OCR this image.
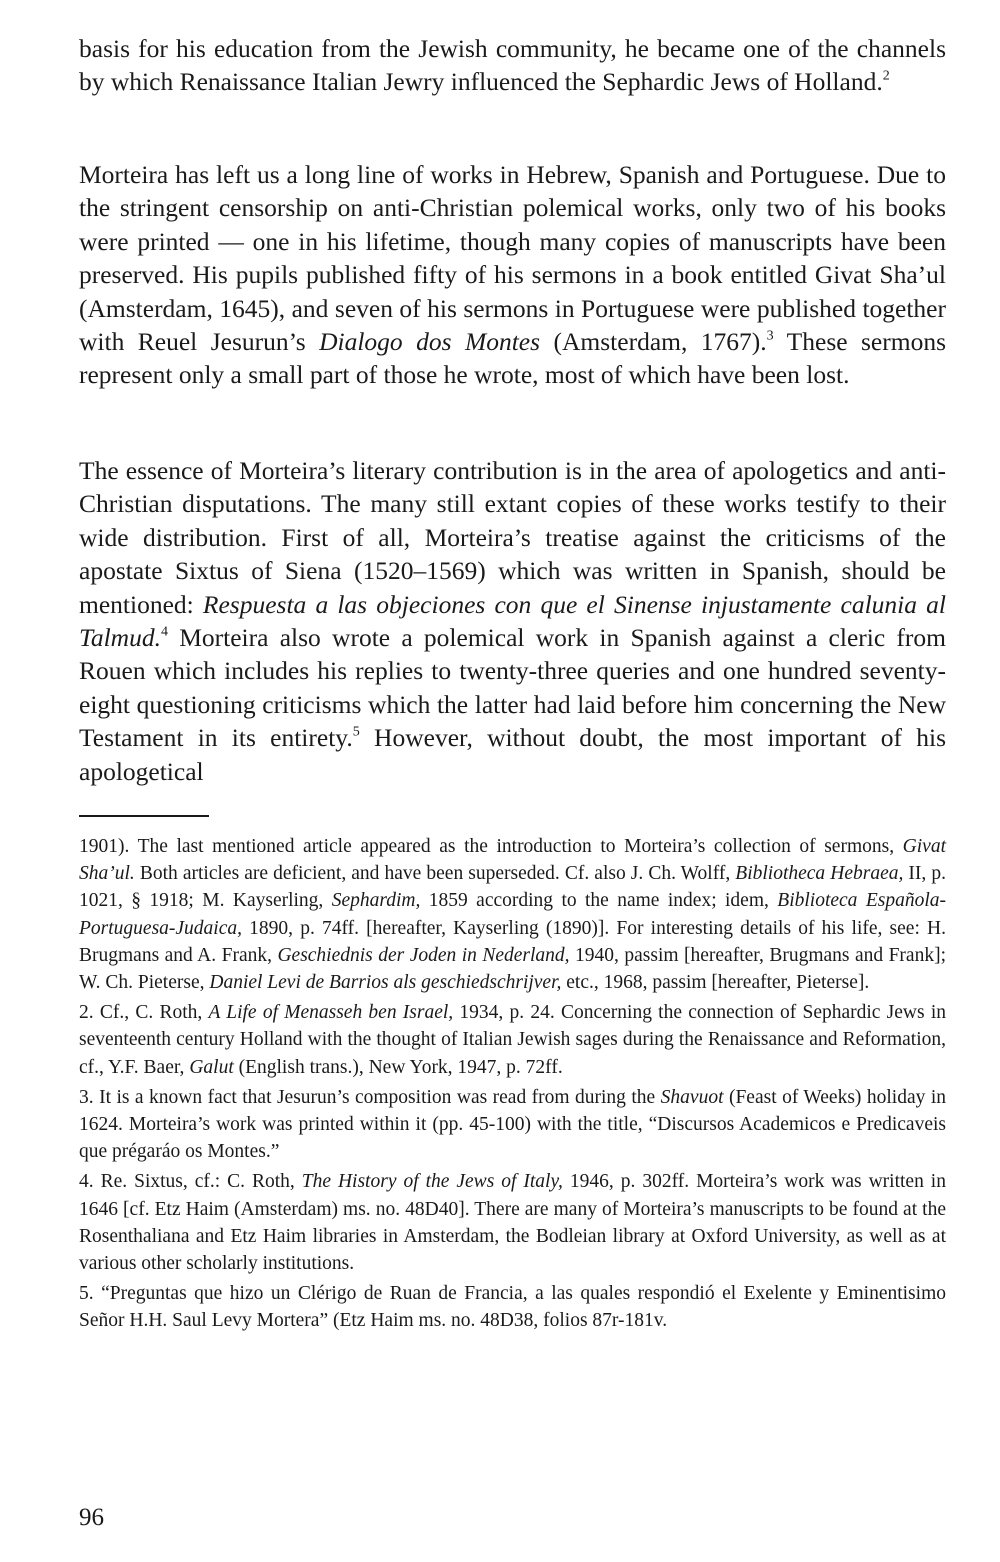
basis for his education from the Jewish community, he became one of the channels by which Renaissance Italian Jewry influenced the Sephardic Jews of Holland.$^2$

Morteira has left us a long line of works in Hebrew, Spanish and Portuguese. Due to the stringent censorship on anti-Christian polemical works, only two of his books were printed — one in his lifetime, though many copies of manuscripts have been preserved. His pupils published fifty of his sermons in a book entitled Givat Sha’ul (Amsterdam, 1645), and seven of his sermons in Portuguese were published together with Reuel Jesurun’s Dialogo dos Montes (Amsterdam, 1767).$^3$ These sermons represent only a small part of those he wrote, most of which have been lost.

The essence of Morteira’s literary contribution is in the area of apologetics and anti-Christian disputations. The many still extant copies of these works testify to their wide distribution. First of all, Morteira’s treatise against the criticisms of the apostate Sixtus of Siena (1520–1569) which was written in Spanish, should be mentioned: Respuesta a las objeciones con que el Sinense injustamente calunia al Talmud.$^4$ Morteira also wrote a polemical work in Spanish against a cleric from Rouen which includes his replies to twenty-three queries and one hundred seventy-eight questioning criticisms which the latter had laid before him concerning the New Testament in its entirety.$^5$ However, without doubt, the most important of his apologetical

1901). The last mentioned article appeared as the introduction to Morteira’s collection of sermons, Givat Sha’ul. Both articles are deficient, and have been superseded. Cf. also J. Ch. Wolff, Bibliotheca Hebraea, II, p. 1021, § 1918; M. Kayserling, Sephardim, 1859 according to the name index; idem, Biblioteca Española-Portuguesa-Judaica, 1890, p. 74ff. [hereafter, Kayserling (1890)]. For interesting details of his life, see: H. Brugmans and A. Frank, Geschiednis der Joden in Nederland, 1940, passim [hereafter, Brugmans and Frank]; W. Ch. Pieterse, Daniel Levi de Barrios als geschiedschrijver, etc., 1968, passim [hereafter, Pieterse].

2. Cf., C. Roth, A Life of Menasseh ben Israel, 1934, p. 24. Concerning the connection of Sephardic Jews in seventeenth century Holland with the thought of Italian Jewish sages during the Renaissance and Reformation, cf., Y.F. Baer, Galut (English trans.), New York, 1947, p. 72ff.

3. It is a known fact that Jesurun’s composition was read from during the Shavuot (Feast of Weeks) holiday in 1624. Morteira’s work was printed within it (pp. 45-100) with the title, “Discursos Academicos e Predicaveis que prégaráo os Montes.”

4. Re. Sixtus, cf.: C. Roth, The History of the Jews of Italy, 1946, p. 302ff. Morteira’s work was written in 1646 [cf. Etz Haim (Amsterdam) ms. no. 48D40]. There are many of Morteira’s manuscripts to be found at the Rosenthaliana and Etz Haim libraries in Amsterdam, the Bodleian library at Oxford University, as well as at various other scholarly institutions.

5. “Preguntas que hizo un Clérigo de Ruan de Francia, a las quales respondió el Exelente y Eminentisimo Señor H.H. Saul Levy Mortera” (Etz Haim ms. no. 48D38, folios 87r-181v.

96
